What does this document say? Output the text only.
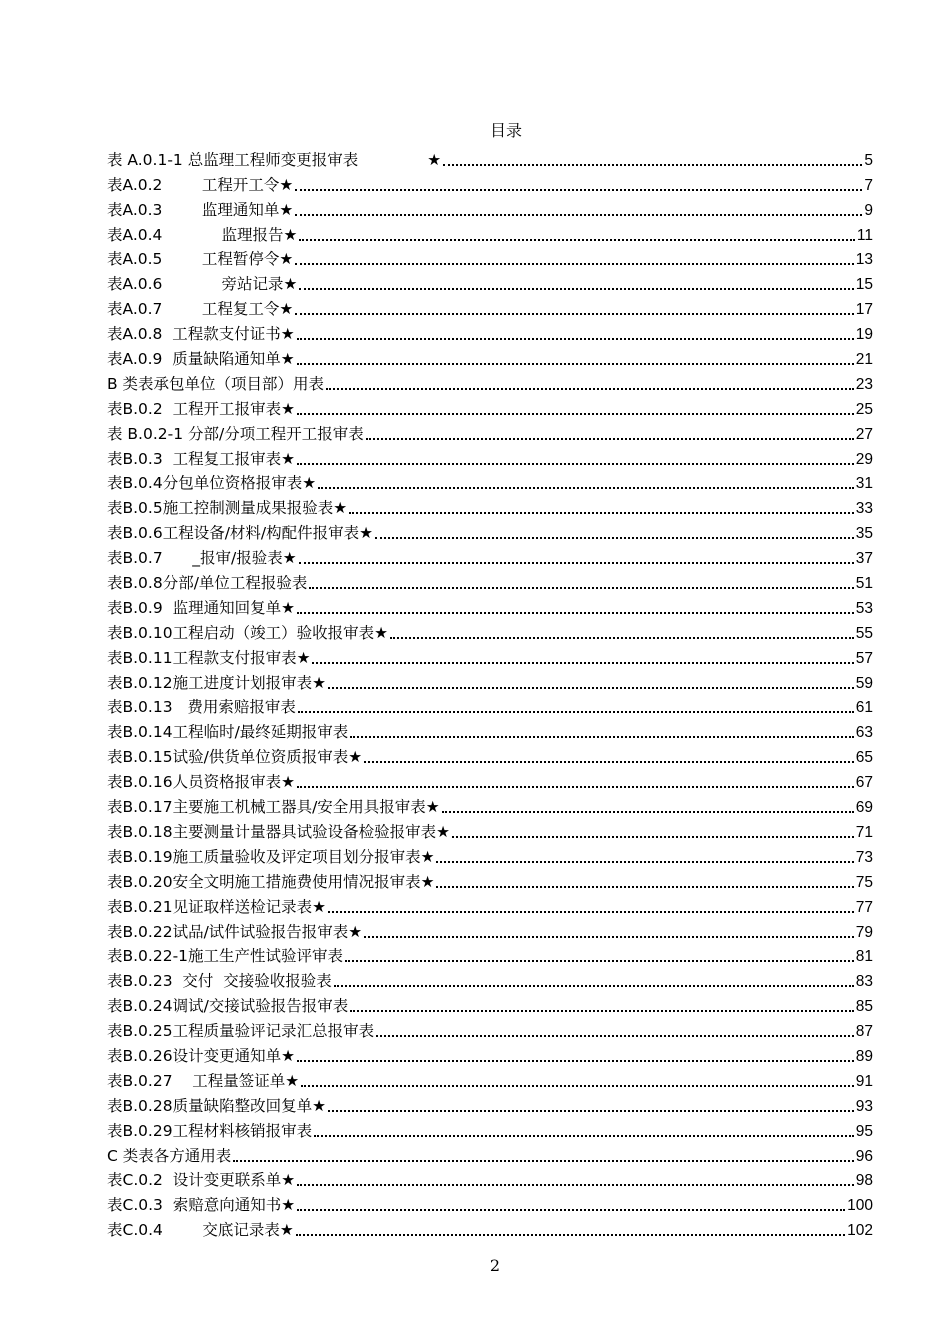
目录
表 A.0.1-1 总监理工程师变更报审表              ★	5
表A.0.2        工程开工令★	7
表A.0.3        监理通知单★	9
表A.0.4            监理报告★	11
表A.0.5        工程暂停令★	13
表A.0.6            旁站记录★	15
表A.0.7        工程复工令★	17
表A.0.8  工程款支付证书★	19
表A.0.9  质量缺陷通知单★	21
B 类表承包单位（项目部）用表	23
表B.0.2  工程开工报审表★	25
表 B.0.2-1 分部/分项工程开工报审表	27
表B.0.3  工程复工报审表★	29
表B.0.4分包单位资格报审表★	31
表B.0.5施工控制测量成果报验表★	33
表B.0.6工程设备/材料/构配件报审表★	35
表B.0.7      _报审/报验表★	37
表B.0.8分部/单位工程报验表	51
表B.0.9  监理通知回复单★	53
表B.0.10工程启动（竣工）验收报审表★	55
表B.0.11工程款支付报审表★	57
表B.0.12施工进度计划报审表★	59
表B.0.13   费用索赔报审表	61
表B.0.14工程临时/最终延期报审表	63
表B.0.15试验/供货单位资质报审表★	65
表B.0.16人员资格报审表★	67
表B.0.17主要施工机械工器具/安全用具报审表★	69
表B.0.18主要测量计量器具试验设备检验报审表★	71
表B.0.19施工质量验收及评定项目划分报审表★	73
表B.0.20安全文明施工措施费使用情况报审表★	75
表B.0.21见证取样送检记录表★	77
表B.0.22试品/试件试验报告报审表★	79
表B.0.22-1施工生产性试验评审表	81
表B.0.23  交付  交接验收报验表	83
表B.0.24调试/交接试验报告报审表	85
表B.0.25工程质量验评记录汇总报审表	87
表B.0.26设计变更通知单★	89
表B.0.27    工程量签证单★	91
表B.0.28质量缺陷整改回复单★	93
表B.0.29工程材料核销报审表	95
C 类表各方通用表	96
表C.0.2  设计变更联系单★	98
表C.0.3  索赔意向通知书★	100
表C.0.4        交底记录表★	102
2
